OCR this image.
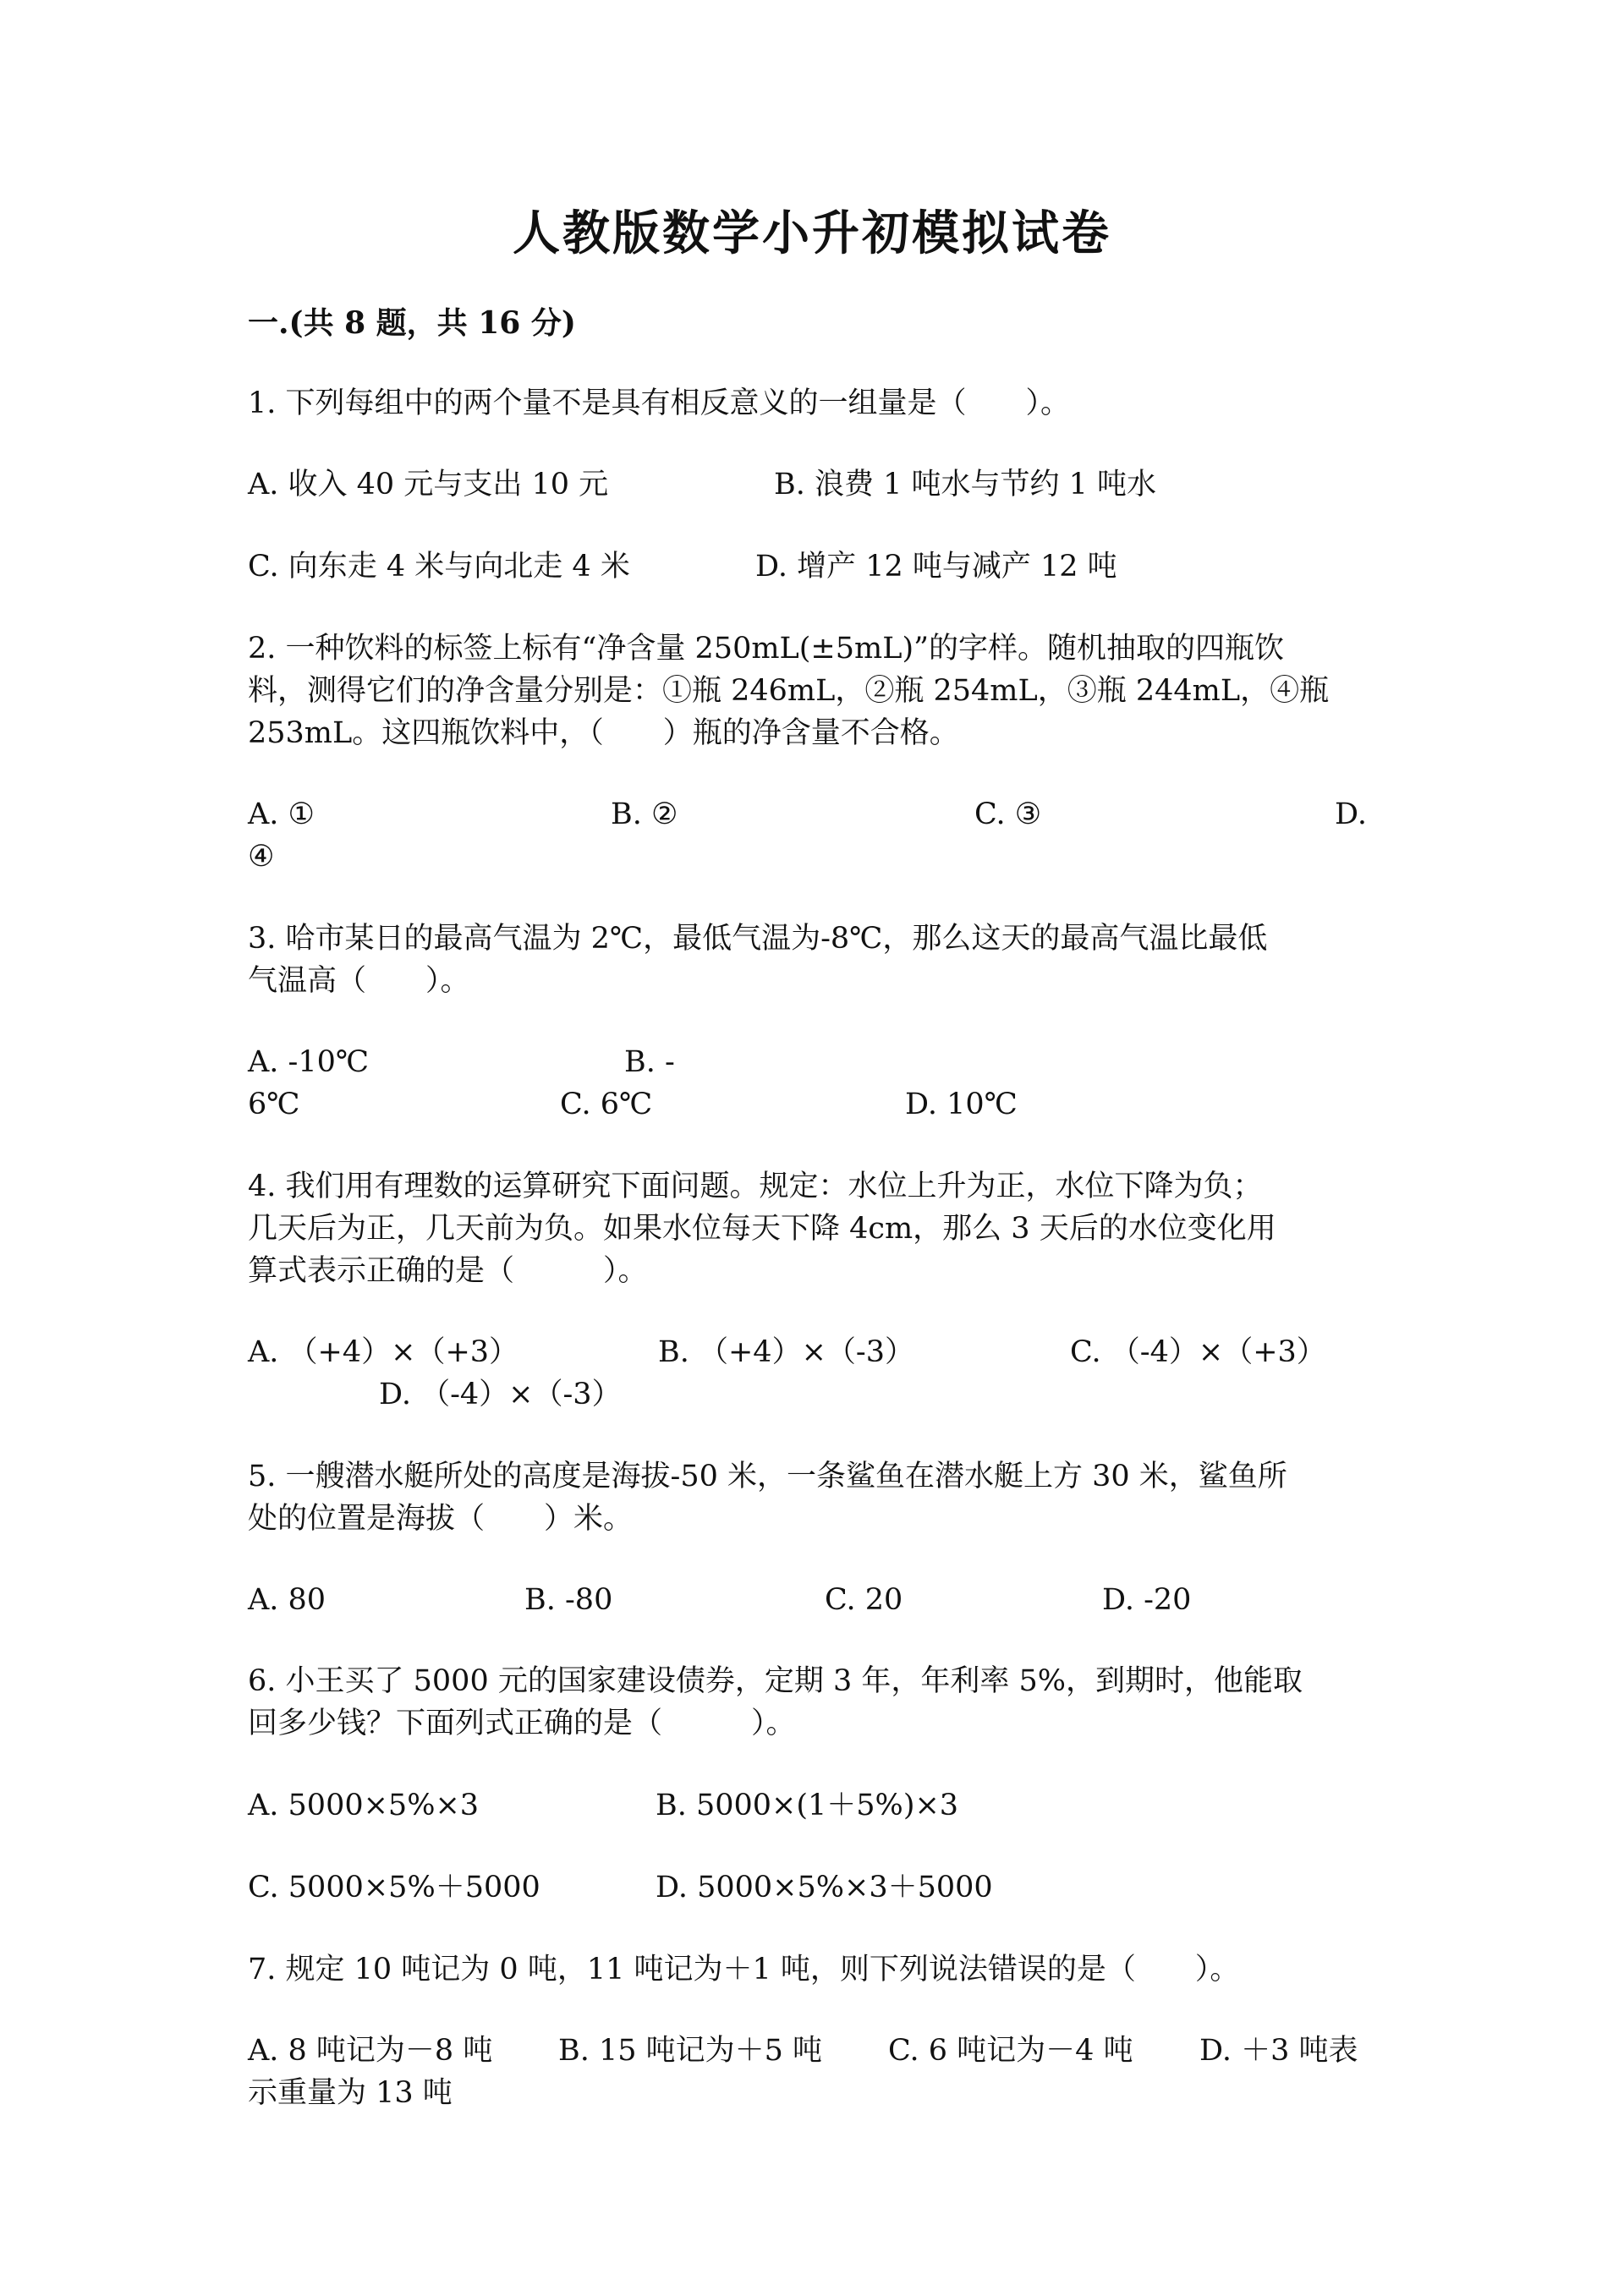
人教版数学小升初模拟试卷
一.(共 8 题，共 16 分)
1. 下列每组中的两个量不是具有相反意义的一组量是（　　）。
A. 收入 40 元与支出 10 元	B. 浪费 1 吨水与节约 1 吨水
C. 向东走 4 米与向北走 4 米	D. 增产 12 吨与减产 12 吨
2. 一种饮料的标签上标有“净含量 250mL(±5mL)”的字样。随机抽取的四瓶饮
料，测得它们的净含量分别是：①瓶 246mL，②瓶 254mL，③瓶 244mL，④瓶
253mL。这四瓶饮料中，（　　）瓶的净含量不合格。
A. ①	B. ②	C. ③	D.
④
3. 哈市某日的最高气温为 2℃，最低气温为-8℃，那么这天的最高气温比最低
气温高（　　）。
A. -10℃	B. -
6℃	C. 6℃	D. 10℃
4. 我们用有理数的运算研究下面问题。规定：水位上升为正，水位下降为负；
几天后为正，几天前为负。如果水位每天下降 4cm，那么 3 天后的水位变化用
算式表示正确的是（　　　）。
A. （+4）×（+3）	B. （+4）×（-3）	C. （-4）×（+3）
D. （-4）×（-3）
5. 一艘潜水艇所处的高度是海拔-50 米，一条鲨鱼在潜水艇上方 30 米，鲨鱼所
处的位置是海拔（　　）米。
A. 80	B. -80	C. 20	D. -20
6. 小王买了 5000 元的国家建设债券，定期 3 年，年利率 5%，到期时，他能取
回多少钱？下面列式正确的是（　　　）。
A. 5000×5%×3	B. 5000×(1＋5%)×3
C. 5000×5%＋5000	D. 5000×5%×3＋5000
7. 规定 10 吨记为 0 吨，11 吨记为＋1 吨，则下列说法错误的是（　　）。
A. 8 吨记为－8 吨 B. 15 吨记为＋5 吨 C. 6 吨记为－4 吨 D. ＋3 吨表
示重量为 13 吨
